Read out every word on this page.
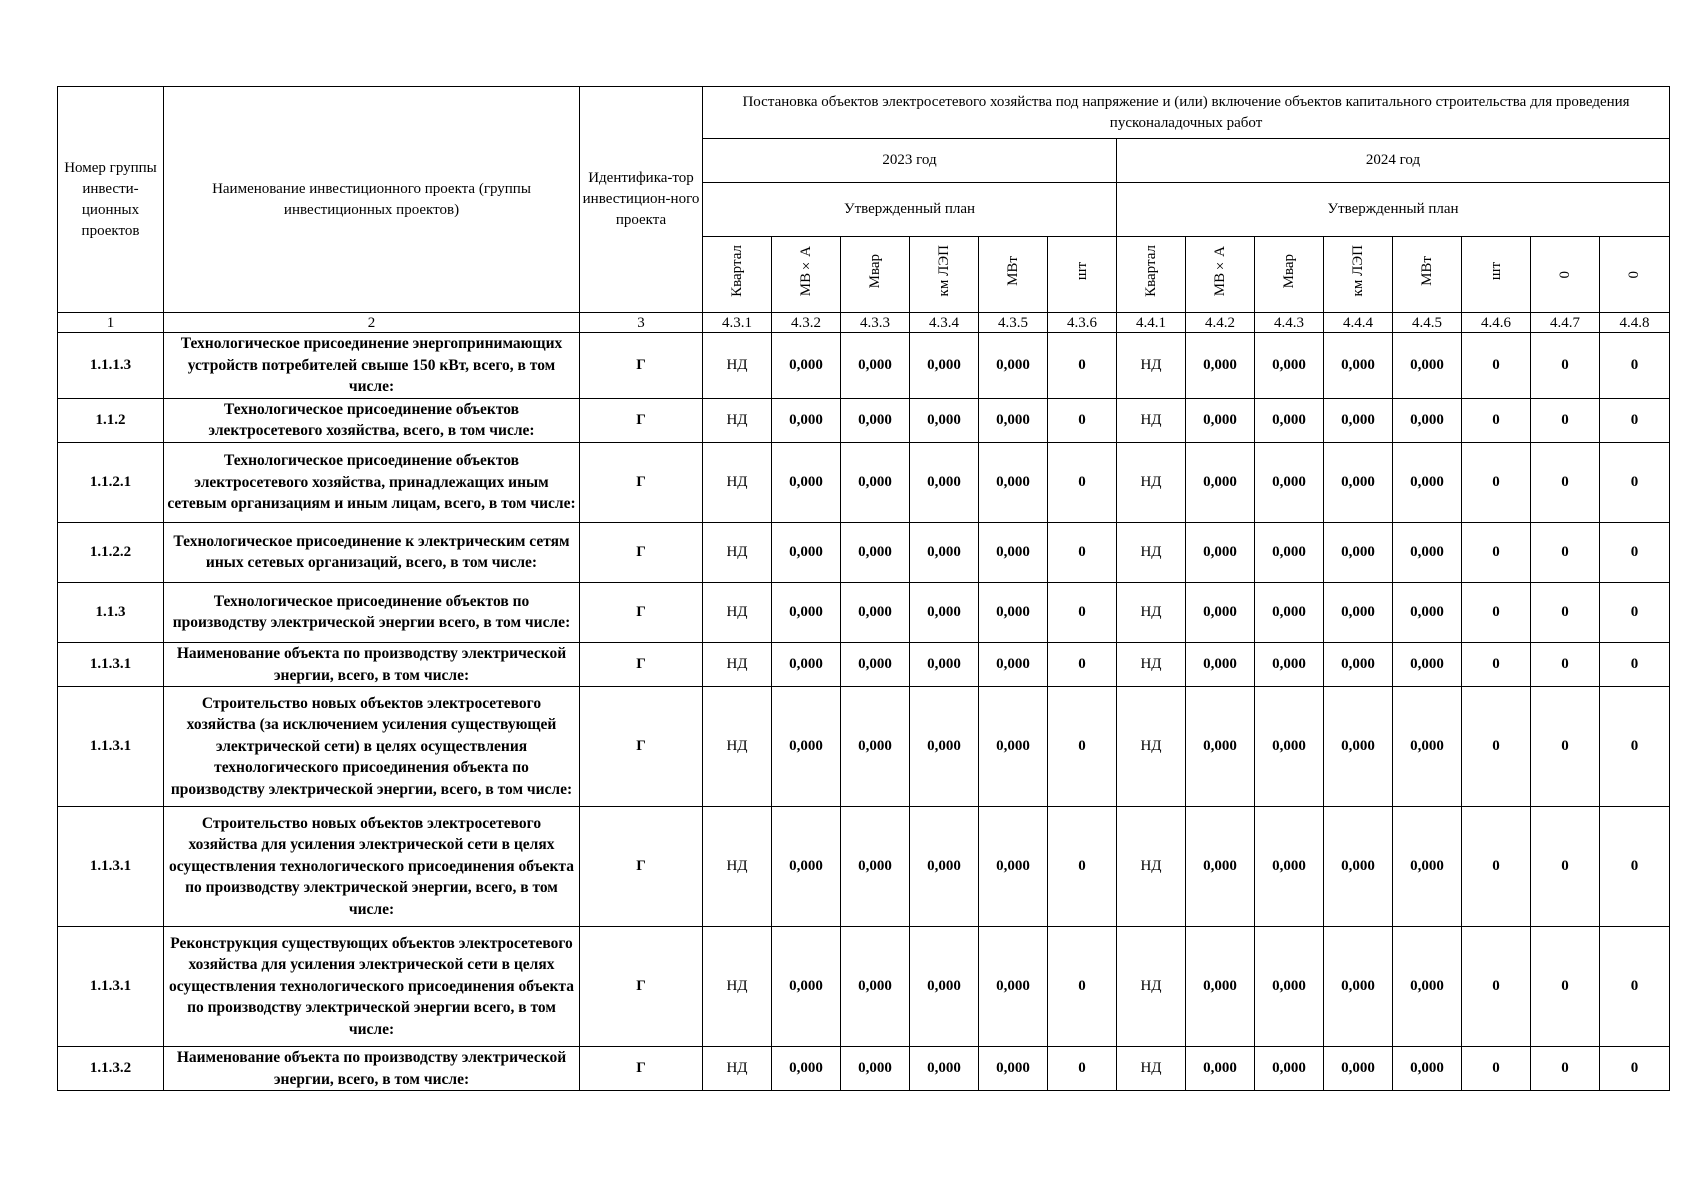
Номер группы инвести-ционных проектов	Наименование инвестиционного проекта (группы инвестиционных проектов)	Идентифика-тор инвестицион-ного проекта	Постановка объектов электросетевого хозяйства под напряжение и (или) включение объектов капитального строительства для проведения пусконаладочных работ													
			2023 год						2024 год							
			Утвержденный план						Утвержденный план							
			Квартал	МВ×А	Мвар	км ЛЭП	МВт	шт	Квартал	МВ×А	Мвар	км ЛЭП	МВт	шт	0	0
1	2	3	4.3.1	4.3.2	4.3.3	4.3.4	4.3.5	4.3.6	4.4.1	4.4.2	4.4.3	4.4.4	4.4.5	4.4.6	4.4.7	4.4.8
1.1.1.3	Технологическое присоединение энергопринимающих устройств потребителей свыше 150 кВт, всего, в том числе:	Г	НД	0,000	0,000	0,000	0,000	0	НД	0,000	0,000	0,000	0,000	0	0	0
1.1.2	Технологическое присоединение объектов электросетевого хозяйства, всего, в том числе:	Г	НД	0,000	0,000	0,000	0,000	0	НД	0,000	0,000	0,000	0,000	0	0	0
1.1.2.1	Технологическое присоединение объектов электросетевого хозяйства, принадлежащих иным сетевым организациям и иным лицам, всего, в том числе:	Г	НД	0,000	0,000	0,000	0,000	0	НД	0,000	0,000	0,000	0,000	0	0	0
1.1.2.2	Технологическое присоединение к электрическим сетям иных сетевых организаций, всего, в том числе:	Г	НД	0,000	0,000	0,000	0,000	0	НД	0,000	0,000	0,000	0,000	0	0	0
1.1.3	Технологическое присоединение объектов по производству электрической энергии всего, в том числе:	Г	НД	0,000	0,000	0,000	0,000	0	НД	0,000	0,000	0,000	0,000	0	0	0
1.1.3.1	Наименование объекта по производству электрической энергии, всего, в том числе:	Г	НД	0,000	0,000	0,000	0,000	0	НД	0,000	0,000	0,000	0,000	0	0	0
1.1.3.1	Строительство новых объектов электросетевого хозяйства (за исключением усиления существующей электрической сети) в целях осуществления технологического присоединения объекта по производству электрической энергии, всего, в том числе:	Г	НД	0,000	0,000	0,000	0,000	0	НД	0,000	0,000	0,000	0,000	0	0	0
1.1.3.1	Строительство новых объектов электросетевого хозяйства для усиления электрической сети в целях осуществления технологического присоединения объекта по производству электрической энергии, всего, в том числе:	Г	НД	0,000	0,000	0,000	0,000	0	НД	0,000	0,000	0,000	0,000	0	0	0
1.1.3.1	Реконструкция существующих объектов электросетевого хозяйства для усиления электрической сети в целях осуществления технологического присоединения объекта по производству электрической энергии всего, в том числе:	Г	НД	0,000	0,000	0,000	0,000	0	НД	0,000	0,000	0,000	0,000	0	0	0
1.1.3.2	Наименование объекта по производству электрической энергии, всего, в том числе:	Г	НД	0,000	0,000	0,000	0,000	0	НД	0,000	0,000	0,000	0,000	0	0	0
